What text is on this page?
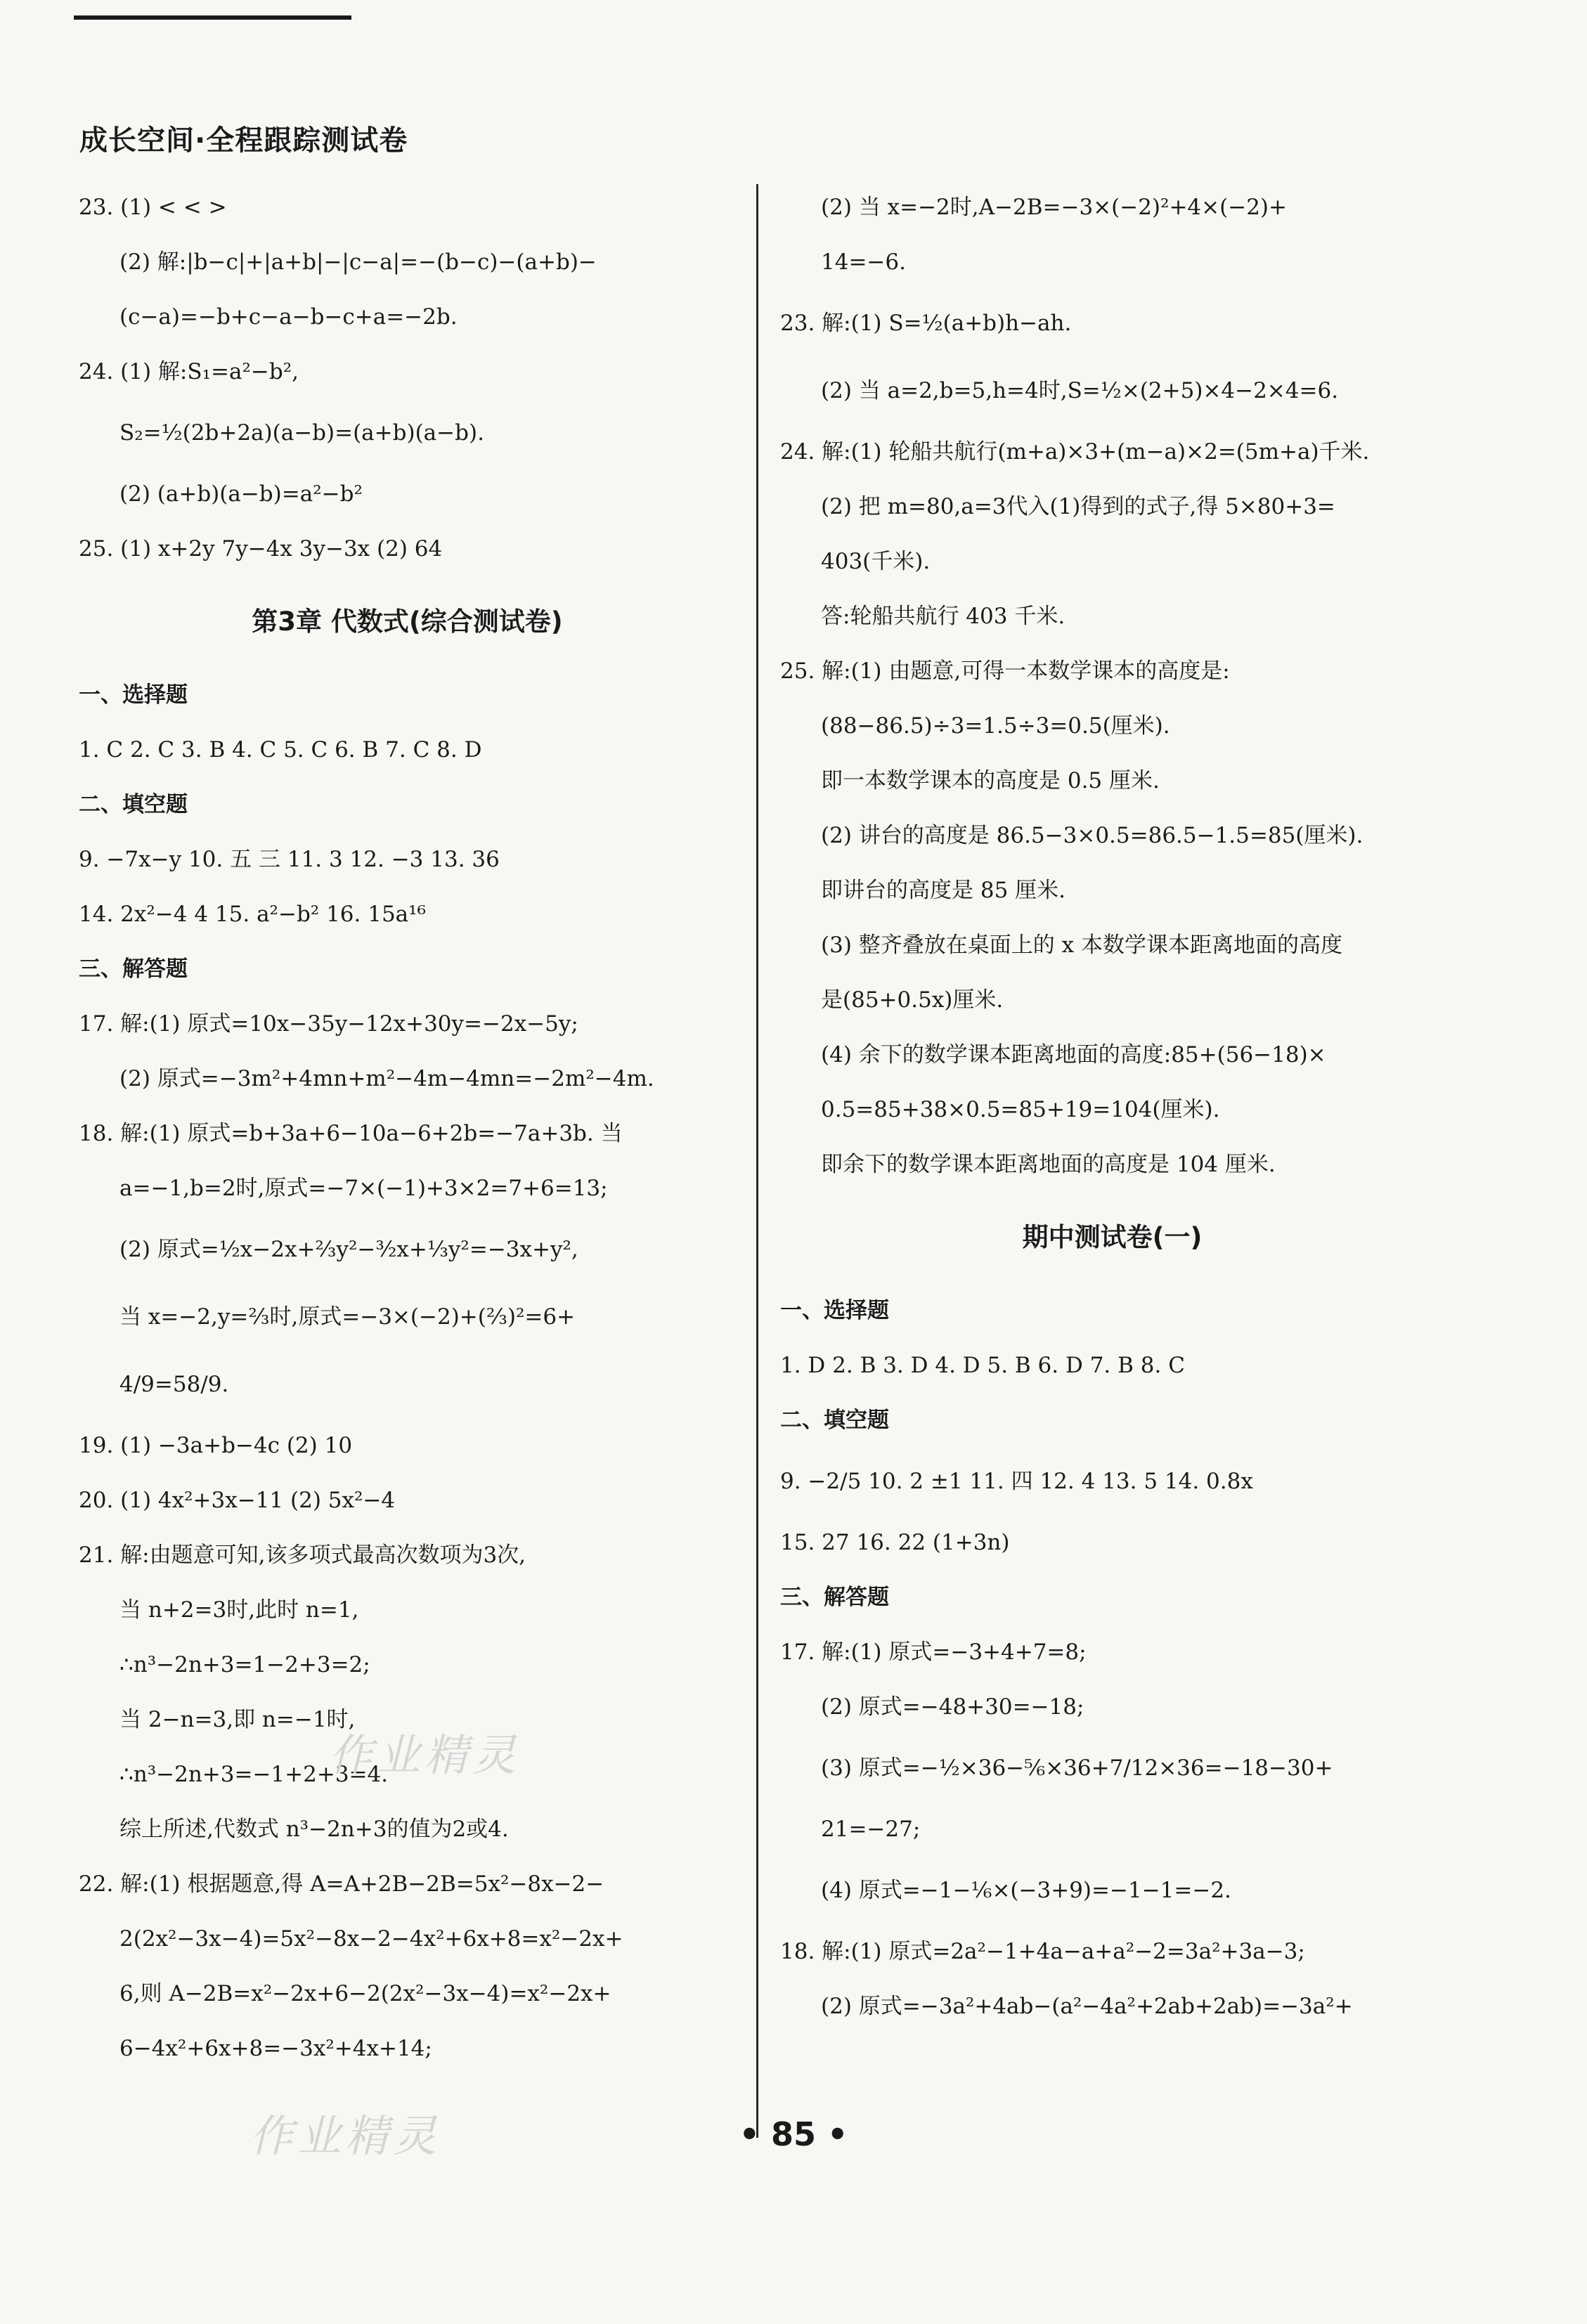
成长空间·全程跟踪测试卷
23. (1) < < >
(2) 解:|b−c|+|a+b|−|c−a|=−(b−c)−(a+b)−
(c−a)=−b+c−a−b−c+a=−2b.
24. (1) 解:S₁=a²−b²,
S₂=½(2b+2a)(a−b)=(a+b)(a−b).
(2) (a+b)(a−b)=a²−b²
25. (1) x+2y 7y−4x 3y−3x (2) 64
第3章 代数式(综合测试卷)
一、选择题
1. C 2. C 3. B 4. C 5. C 6. B 7. C 8. D
二、填空题
9. −7x−y 10. 五 三 11. 3 12. −3 13. 36
14. 2x²−4 4 15. a²−b² 16. 15a¹⁶
三、解答题
17. 解:(1) 原式=10x−35y−12x+30y=−2x−5y;
(2) 原式=−3m²+4mn+m²−4m−4mn=−2m²−4m.
18. 解:(1) 原式=b+3a+6−10a−6+2b=−7a+3b. 当
a=−1,b=2时,原式=−7×(−1)+3×2=7+6=13;
(2) 原式=½x−2x+⅔y²−³⁄₂x+⅓y²=−3x+y²,
当 x=−2,y=⅔时,原式=−3×(−2)+(⅔)²=6+
4/9=58/9.
19. (1) −3a+b−4c (2) 10
20. (1) 4x²+3x−11 (2) 5x²−4
21. 解:由题意可知,该多项式最高次数项为3次,
当 n+2=3时,此时 n=1,
∴n³−2n+3=1−2+3=2;
当 2−n=3,即 n=−1时,
∴n³−2n+3=−1+2+3=4.
综上所述,代数式 n³−2n+3的值为2或4.
22. 解:(1) 根据题意,得 A=A+2B−2B=5x²−8x−2−
2(2x²−3x−4)=5x²−8x−2−4x²+6x+8=x²−2x+
6,则 A−2B=x²−2x+6−2(2x²−3x−4)=x²−2x+
6−4x²+6x+8=−3x²+4x+14;
(2) 当 x=−2时,A−2B=−3×(−2)²+4×(−2)+
14=−6.
23. 解:(1) S=½(a+b)h−ah.
(2) 当 a=2,b=5,h=4时,S=½×(2+5)×4−2×4=6.
24. 解:(1) 轮船共航行(m+a)×3+(m−a)×2=(5m+a)千米.
(2) 把 m=80,a=3代入(1)得到的式子,得 5×80+3=
403(千米).
答:轮船共航行 403 千米.
25. 解:(1) 由题意,可得一本数学课本的高度是:
(88−86.5)÷3=1.5÷3=0.5(厘米).
即一本数学课本的高度是 0.5 厘米.
(2) 讲台的高度是 86.5−3×0.5=86.5−1.5=85(厘米).
即讲台的高度是 85 厘米.
(3) 整齐叠放在桌面上的 x 本数学课本距离地面的高度
是(85+0.5x)厘米.
(4) 余下的数学课本距离地面的高度:85+(56−18)×
0.5=85+38×0.5=85+19=104(厘米).
即余下的数学课本距离地面的高度是 104 厘米.
期中测试卷(一)
一、选择题
1. D 2. B 3. D 4. D 5. B 6. D 7. B 8. C
二、填空题
9. −2/5 10. 2 ±1 11. 四 12. 4 13. 5 14. 0.8x
15. 27 16. 22 (1+3n)
三、解答题
17. 解:(1) 原式=−3+4+7=8;
(2) 原式=−48+30=−18;
(3) 原式=−½×36−⅚×36+7/12×36=−18−30+
21=−27;
(4) 原式=−1−⅙×(−3+9)=−1−1=−2.
18. 解:(1) 原式=2a²−1+4a−a+a²−2=3a²+3a−3;
(2) 原式=−3a²+4ab−(a²−4a²+2ab+2ab)=−3a²+
作业精灵
作业精灵	• 85 •
